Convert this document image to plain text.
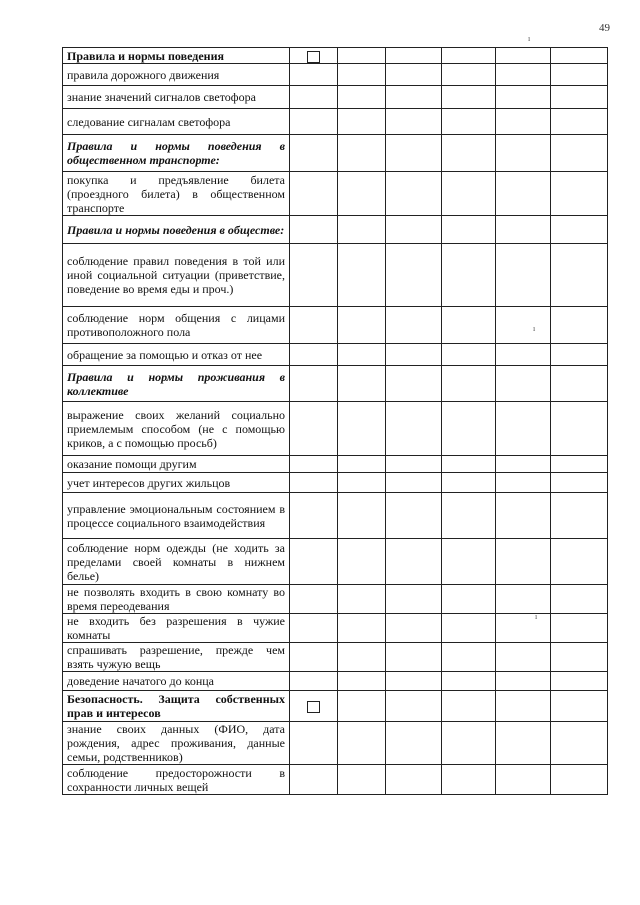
49
ı
ı
ı
Правила и нормы поведения						
правила дорожного движения						
знание значений сигналов светофора						
следование сигналам светофора						
Правила и нормы поведения в общественном транспорте:						
покупка и предъявление билета (проездного билета) в общественном транспорте						
Правила и нормы поведения в обществе:						
соблюдение правил поведения в той или иной социальной ситуации (приветствие, поведение во время еды и проч.)						
соблюдение норм общения с лицами противоположного пола						
обращение за помощью и отказ от нее						
Правила и нормы проживания в коллективе						
выражение своих желаний социально приемлемым способом (не с помощью криков, а с помощью просьб)						
оказание помощи другим						
учет интересов других жильцов						
управление эмоциональным состоянием в процессе социального взаимодействия						
соблюдение норм одежды (не ходить за пределами своей комнаты в нижнем белье)						
не позволять входить в свою комнату во время переодевания						
не входить без разрешения в чужие комнаты						
спрашивать разрешение, прежде чем взять чужую вещь						
доведение начатого до конца						
Безопасность. Защита собственных прав и интересов						
знание своих данных (ФИО, дата рождения, адрес проживания, данные семьи, родственников)						
соблюдение предосторожности в сохранности личных вещей						
